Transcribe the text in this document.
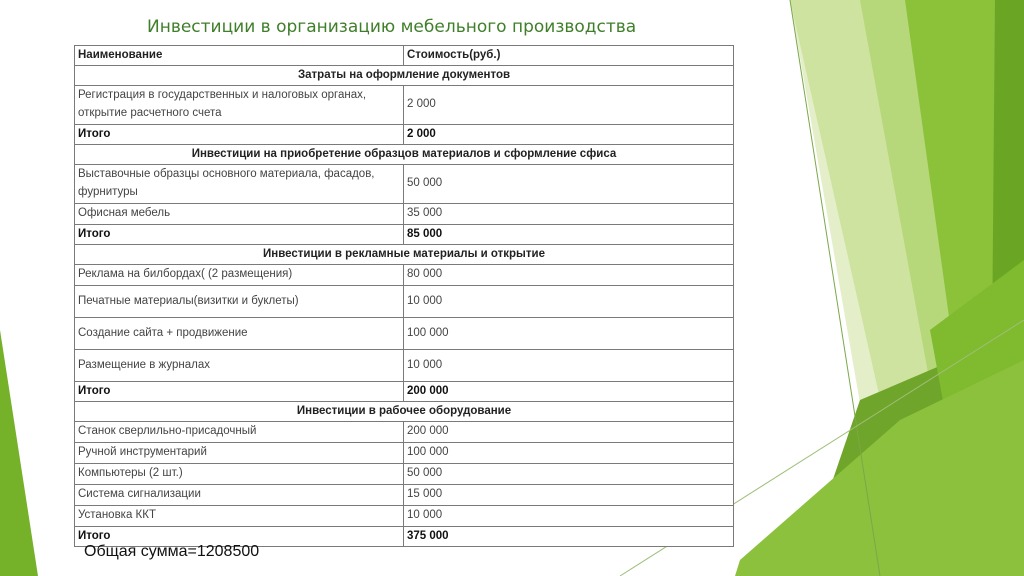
Инвестиции в организацию мебельного производства
Наименование	Стоимость(руб.)
Затраты на оформление документов	
Регистрация в государственных и налоговых органах, открытие расчетного счета	2 000
Итого	2 000
Инвестиции на приобретение образцов материалов и сформление сфиса	
Выставочные образцы основного материала, фасадов, фурнитуры	50 000
Офисная мебель	35 000
Итого	85 000
Инвестиции в рекламные материалы и открытие	
Реклама на билбордах( (2 размещения)	80 000
Печатные материалы(визитки и буклеты)	10 000
Создание сайта + продвижение	100 000
Размещение в журналах	10 000
Итого	200 000
Инвестиции в рабочее оборудование	
Станок сверлильно-присадочный	200 000
Ручной инструментарий	100 000
Компьютеры (2 шт.)	50 000
Система сигнализации	15 000
Установка ККТ	10 000
Итого	375 000
Общая сумма=1208500
